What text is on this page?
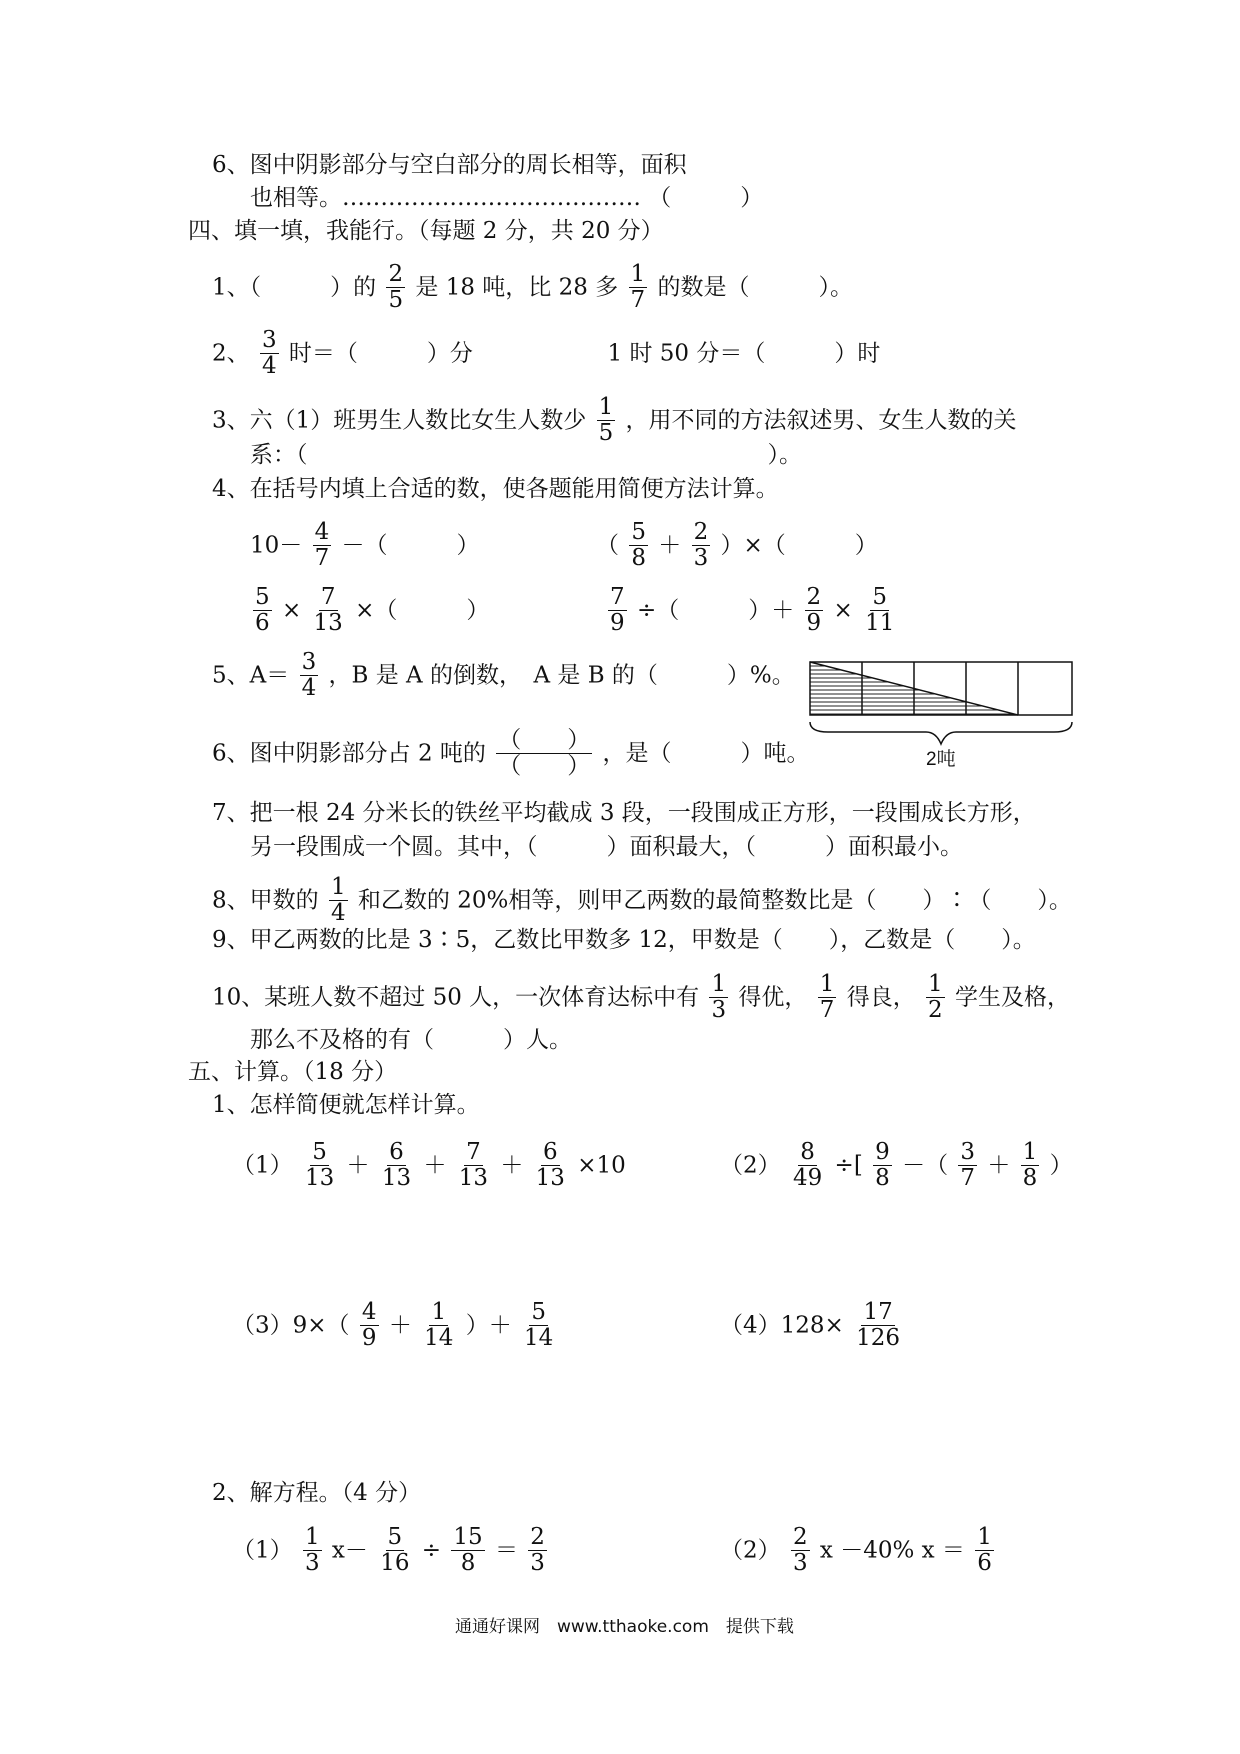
6、图中阴影部分与空白部分的周长相等，面积
也相等。………………………………… （　　　）
四、填一填，我能行。（每题 2 分，共 20 分）
1、（　　　）的 $\frac{2}{5}$ 是 18 吨，比 28 多 $\frac{1}{7}$ 的数是（　　　）。
2、 $\frac{3}{4}$ 时＝（　　　）分	1 时 50 分＝（　　　）时
3、六（1）班男生人数比女生人数少 $\frac{1}{5}$ ，用不同的方法叙述男、女生人数的关
系：（　　　　　　　　　　　　　　　　　　　　）。
4、在括号内填上合适的数，使各题能用简便方法计算。
$10- \frac{4}{7}$ －（　　　）	（ $\frac{5}{8} + \frac{2}{3}$ ）×（　　　）
$\frac{5}{6} \times \frac{7}{13}$ ×（　　　）	$\frac{7}{9}$ ÷（　　　）＋ $\frac{2}{9} \times \frac{5}{11}$
5、$A= \frac{3}{4}$ ，B 是 A 的倒数，　A 是 B 的（　　　）%。
6、图中阴影部分占 2 吨的
（　　）
（　　） ，是（　　　）吨。	2吨
7、把一根 24 分米长的铁丝平均截成 3 段，一段围成正方形，一段围成长方形，
另一段围成一个圆。其中，（　　　）面积最大，（　　　）面积最小。
8、甲数的 $\frac{1}{4}$ 和乙数的 20%相等，则甲乙两数的最简整数比是（　　）∶（　　）。
9、甲乙两数的比是 3∶5，乙数比甲数多 12，甲数是（　　），乙数是（　　）。
10、某班人数不超过 50 人，一次体育达标中有 $\frac{1}{3}$ 得优， $\frac{1}{7}$ 得良， $\frac{1}{2}$ 学生及格，
那么不及格的有（　　　）人。
五、计算。（18 分）
1、怎样简便就怎样计算。
$(1) \frac{5}{13} + \frac{6}{13} + \frac{7}{13} + \frac{6}{13} \times 10$	$(2) \frac{8}{49}$ ÷[ $\frac{9}{8}$ －（ $\frac{3}{7} + \frac{1}{8}$ ）
$(3)9\times( \frac{4}{9} + \frac{1}{14}$ ）＋ $\frac{5}{14}$	$(4)128\times \frac{17}{126}$
2、解方程。（4 分）
$(1) \frac{1}{3} x- \frac{5}{16} \div \frac{15}{8} = \frac{2}{3}$	$(2) \frac{2}{3}$ x －40% $x = \frac{1}{6}$
通通好课网　www.tthaoke.com　提供下载
